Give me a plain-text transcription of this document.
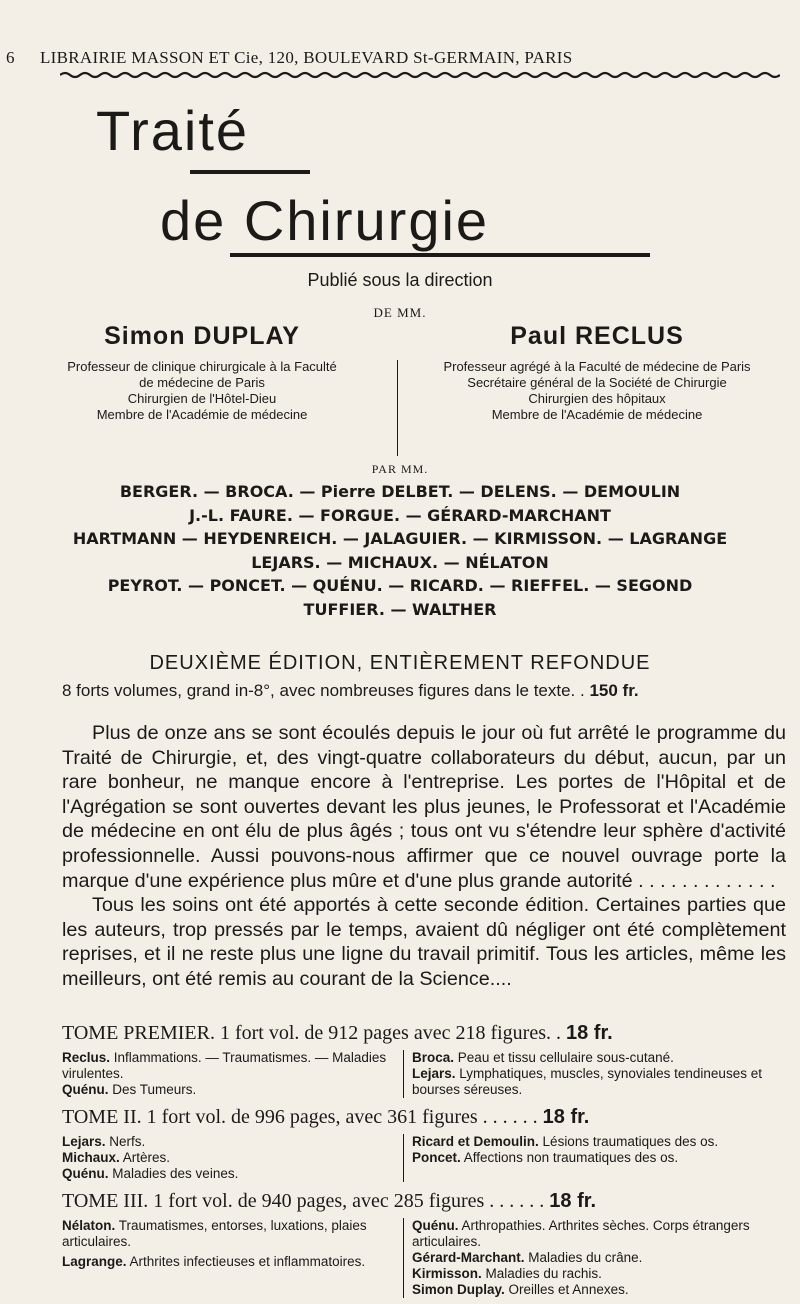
6 LIBRAIRIE MASSON ET Cie, 120, BOULEVARD St-GERMAIN, PARIS
Traité
de Chirurgie
Publié sous la direction
DE MM.
Simon DUPLAY
Professeur de clinique chirurgicale à la Faculté
de médecine de Paris
Chirurgien de l'Hôtel-Dieu
Membre de l'Académie de médecine
Paul RECLUS
Professeur agrégé à la Faculté de médecine de Paris
Secrétaire général de la Société de Chirurgie
Chirurgien des hôpitaux
Membre de l'Académie de médecine
PAR MM.
BERGER. — BROCA. — Pierre DELBET. — DELENS. — DEMOULIN
J.-L. FAURE. — FORGUE. — GÉRARD-MARCHANT
HARTMANN — HEYDENREICH. — JALAGUIER. — KIRMISSON. — LAGRANGE
LEJARS. — MICHAUX. — NÉLATON
PEYROT. — PONCET. — QUÉNU. — RICARD. — RIEFFEL. — SEGOND
TUFFIER. — WALTHER
DEUXIÈME ÉDITION, ENTIÈREMENT REFONDUE
8 forts volumes, grand in-8°, avec nombreuses figures dans le texte. . 150 fr.

Plus de onze ans se sont écoulés depuis le jour où fut arrêté le programme du Traité de Chirurgie, et, des vingt-quatre collaborateurs du début, aucun, par un rare bonheur, ne manque encore à l'entreprise. Les portes de l'Hôpital et de l'Agrégation se sont ouvertes devant les plus jeunes, le Professorat et l'Académie de médecine en ont élu de plus âgés ; tous ont vu s'étendre leur sphère d'activité professionnelle. Aussi pouvons-nous affirmer que ce nouvel ouvrage porte la marque d'une expérience plus mûre et d'une plus grande autorité . . . . . . . . . . . . .

Tous les soins ont été apportés à cette seconde édition. Certaines parties que les auteurs, trop pressés par le temps, avaient dû négliger ont été complètement reprises, et il ne reste plus une ligne du travail primitif. Tous les articles, même les meilleurs, ont été remis au courant de la Science....

TOME PREMIER. 1 fort vol. de 912 pages avec 218 figures. . 18 fr.
Reclus. Inflammations. — Traumatismes. — Maladies virulentes.
Quénu. Des Tumeurs.
Broca. Peau et tissu cellulaire sous-cutané.
Lejars. Lymphatiques, muscles, synoviales tendineuses et bourses séreuses.
TOME II. 1 fort vol. de 996 pages, avec 361 figures . . . . . . 18 fr.
Lejars. Nerfs.
Michaux. Artères.
Quénu. Maladies des veines.
Ricard et Demoulin. Lésions traumatiques des os.
Poncet. Affections non traumatiques des os.
TOME III. 1 fort vol. de 940 pages, avec 285 figures . . . . . . 18 fr.
Nélaton. Traumatismes, entorses, luxations, plaies articulaires.
Lagrange. Arthrites infectieuses et inflammatoires.
Quénu. Arthropathies. Arthrites sèches. Corps étrangers articulaires.
Gérard-Marchant. Maladies du crâne.
Kirmisson. Maladies du rachis.
Simon Duplay. Oreilles et Annexes.
